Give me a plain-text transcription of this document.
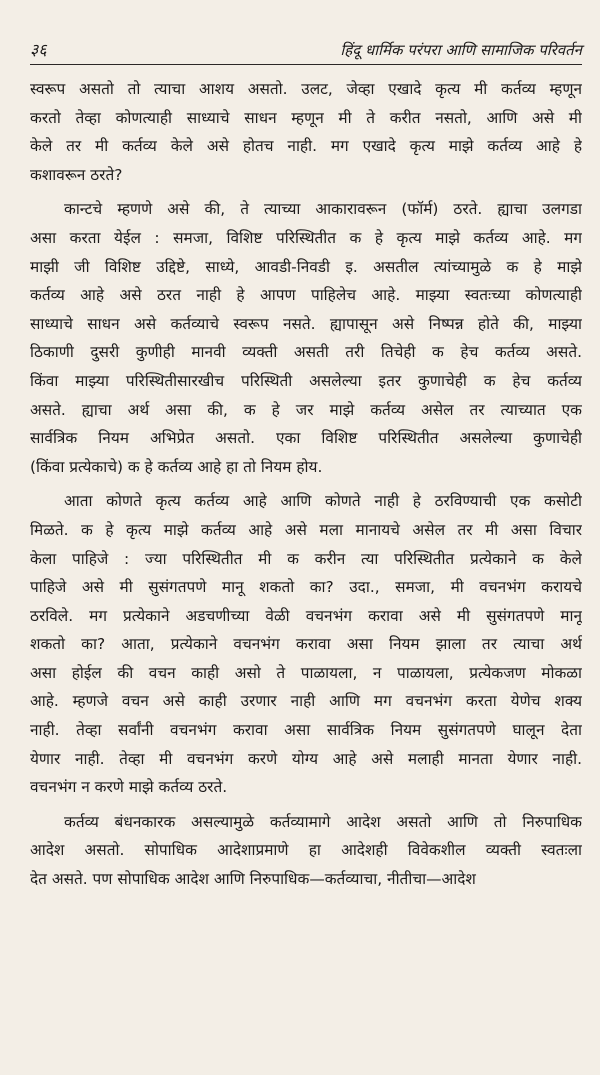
३६	हिंदू धार्मिक परंपरा आणि सामाजिक परिवर्तन
स्वरूप असतो तो त्याचा आशय असतो. उलट, जेव्हा एखादे कृत्य मी कर्तव्य म्हणून
करतो तेव्हा कोणत्याही साध्याचे साधन म्हणून मी ते करीत नसतो, आणि असे मी
केले तर मी कर्तव्य केले असे होतच नाही. मग एखादे कृत्य माझे कर्तव्य आहे हे
कशावरून ठरते?
कान्टचे म्हणणे असे की, ते त्याच्या आकारावरून (फॉर्म) ठरते. ह्याचा उलगडा
असा करता येईल : समजा, विशिष्ट परिस्थितीत क हे कृत्य माझे कर्तव्य आहे. मग
माझी जी विशिष्ट उद्दिष्टे, साध्ये, आवडी-निवडी इ. असतील त्यांच्यामुळे क हे माझे
कर्तव्य आहे असे ठरत नाही हे आपण पाहिलेच आहे. माझ्या स्वतःच्या कोणत्याही
साध्याचे साधन असे कर्तव्याचे स्वरूप नसते. ह्यापासून असे निष्पन्न होते की, माझ्या
ठिकाणी दुसरी कुणीही मानवी व्यक्ती असती तरी तिचेही क हेच कर्तव्य असते.
किंवा माझ्या परिस्थितीसारखीच परिस्थिती असलेल्या इतर कुणाचेही क हेच कर्तव्य
असते. ह्याचा अर्थ असा की, क हे जर माझे कर्तव्य असेल तर त्याच्यात एक
सार्वत्रिक नियम अभिप्रेत असतो. एका विशिष्ट परिस्थितीत असलेल्या कुणाचेही
(किंवा प्रत्येकाचे) क हे कर्तव्य आहे हा तो नियम होय.
आता कोणते कृत्य कर्तव्य आहे आणि कोणते नाही हे ठरविण्याची एक कसोटी
मिळते. क हे कृत्य माझे कर्तव्य आहे असे मला मानायचे असेल तर मी असा विचार
केला पाहिजे : ज्या परिस्थितीत मी क करीन त्या परिस्थितीत प्रत्येकाने क केले
पाहिजे असे मी सुसंगतपणे मानू शकतो का? उदा., समजा, मी वचनभंग करायचे
ठरविले. मग प्रत्येकाने अडचणीच्या वेळी वचनभंग करावा असे मी सुसंगतपणे मानू
शकतो का? आता, प्रत्येकाने वचनभंग करावा असा नियम झाला तर त्याचा अर्थ
असा होईल की वचन काही असो ते पाळायला, न पाळायला, प्रत्येकजण मोकळा
आहे. म्हणजे वचन असे काही उरणार नाही आणि मग वचनभंग करता येणेच शक्य
नाही. तेव्हा सर्वांनी वचनभंग करावा असा सार्वत्रिक नियम सुसंगतपणे घालून देता
येणार नाही. तेव्हा मी वचनभंग करणे योग्य आहे असे मलाही मानता येणार नाही.
वचनभंग न करणे माझे कर्तव्य ठरते.
कर्तव्य बंधनकारक असल्यामुळे कर्तव्यामागे आदेश असतो आणि तो निरुपाधिक
आदेश असतो. सोपाधिक आदेशाप्रमाणे हा आदेशही विवेकशील व्यक्ती स्वतःला
देत असते. पण सोपाधिक आदेश आणि निरुपाधिक—कर्तव्याचा, नीतीचा—आदेश
